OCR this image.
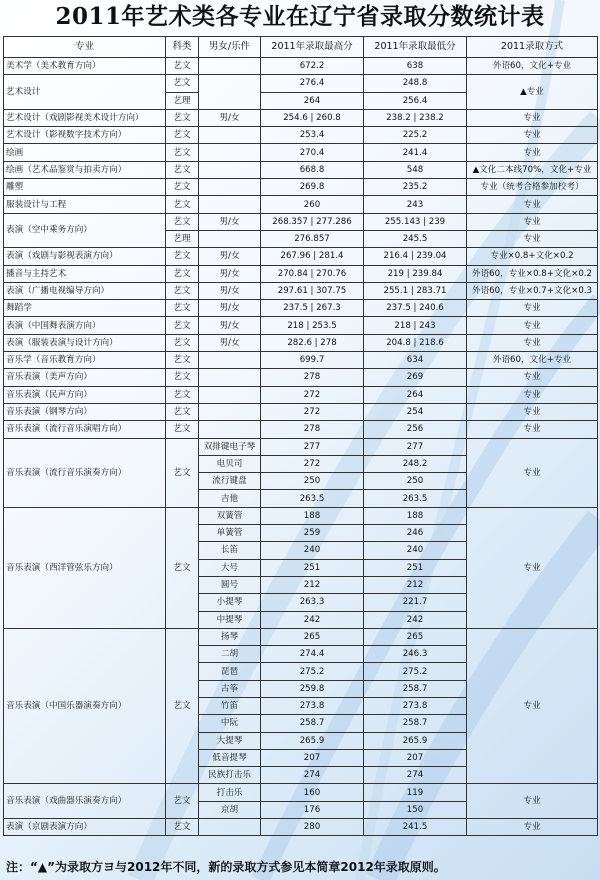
2011年艺术类各专业在辽宁省录取分数统计表
专业	科类	男女/乐件	2011年录取最高分	2011年录取最低分	2011录取方式
美术学（美术教育方向）	艺文		672.2	638	外语60，文化+专业
艺术设计	艺文		276.4	248.8	▲专业
	艺理		264	256.4	
艺术设计（戏剧影视美术设计方向）	艺文	男/女	254.6 | 260.8	238.2 | 238.2	专业
艺术设计（影视数字技术方向）	艺文		253.4	225.2	专业
绘画	艺文		270.4	241.4	专业
绘画（艺术品鉴赏与拍卖方向）	艺文		668.8	548	▲文化二本线70%，文化+专业
雕塑	艺文		269.8	235.2	专业（统考合格参加校考）
服装设计与工程	艺文		260	243	专业
表演（空中乘务方向）	艺文	男/女	268.357 | 277.286	255.143 | 239	专业
	艺理		276.857	245.5	专业
表演（戏剧与影视表演方向）	艺文	男/女	267.96 | 281.4	216.4 | 239.04	专业×0.8+文化×0.2
播音与主持艺术	艺文	男/女	270.84 | 270.76	219 | 239.84	外语60，专业×0.8+文化×0.2
表演（广播电视编导方向）	艺文	男/女	297.61 | 307.75	255.1 | 283.71	外语60，专业×0.7+文化×0.3
舞蹈学	艺文	男/女	237.5 | 267.3	237.5 | 240.6	专业
表演（中国舞表演方向）	艺文	男/女	218 | 253.5	218 | 243	专业
表演（服装表演与设计方向）	艺文	男/女	282.6 | 278	204.8 | 218.6	专业
音乐学（音乐教育方向）	艺文		699.7	634	外语60，文化+专业
音乐表演（美声方向）	艺文		278	269	专业
音乐表演（民声方向）	艺文		272	264	专业
音乐表演（钢琴方向）	艺文		272	254	专业
音乐表演（流行音乐演唱方向）	艺文		278	256	专业
音乐表演（流行音乐演奏方向）	艺文	双排键电子琴	277	277	专业
		电贝司	272	248.2	
		流行键盘	250	250	
		吉他	263.5	263.5	
音乐表演（西洋管弦乐方向）	艺文	双簧管	188	188	专业
		单簧管	259	246	
		长笛	240	240	
		大号	251	251	
		圆号	212	212	
		小提琴	263.3	221.7	
		中提琴	242	242	
音乐表演（中国乐器演奏方向）	艺文	扬琴	265	265	专业
		二胡	274.4	246.3	
		琵琶	275.2	275.2	
		古筝	259.8	258.7	
		竹笛	273.8	273.8	
		中阮	258.7	258.7	
		大提琴	265.9	265.9	
		低音提琴	207	207	
		民族打击乐	274	274	
音乐表演（戏曲器乐演奏方向）	艺文	打击乐	160	119	专业
		京胡	176	150	
表演（京剧表演方向）	艺文		280	241.5	专业
注：“▲”为录取方ヨ与2012年不同，新的录取方式参见本简章2012年录取原则。
